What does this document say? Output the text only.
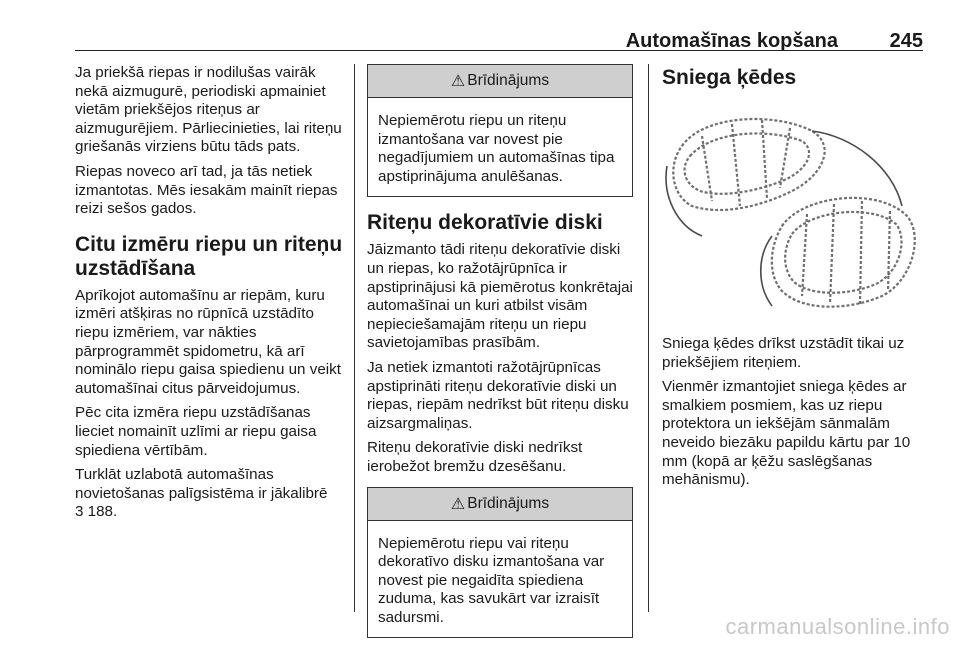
Automašīnas kopšana	245

Ja priekšā riepas ir nodilušas vairāk nekā aizmugurē, periodiski apmainiet vietām priekšējos riteņus ar aizmugurējiem. Pārliecinieties, lai riteņu griešanās virziens būtu tāds pats.

Riepas noveco arī tad, ja tās netiek izmantotas. Mēs iesakām mainīt riepas reizi sešos gados.

Citu izmēru riepu un riteņu uzstādīšana

Aprīkojot automašīnu ar riepām, kuru izmēri atšķiras no rūpnīcā uzstādīto riepu izmēriem, var nākties pārprogrammēt spidometru, kā arī nominālo riepu gaisa spiedienu un veikt automašīnai citus pārveidojumus.

Pēc cita izmēra riepu uzstādīšanas lieciet nomainīt uzlīmi ar riepu gaisa spiediena vērtībām.

Turklāt uzlabotā automašīnas novietošanas palīgsistēma ir jākalibrē
3 188.

⚠ Brīdinājums

Nepiemērotu riepu un riteņu izmantošana var novest pie negadījumiem un automašīnas tipa apstiprinājuma anulēšanas.

Riteņu dekoratīvie diski

Jāizmanto tādi riteņu dekoratīvie diski un riepas, ko ražotājrūpnīca ir apstiprinājusi kā piemērotus konkrētajai automašīnai un kuri atbilst visām nepieciešamajām riteņu un riepu savietojamības prasībām.

Ja netiek izmantoti ražotājrūpnīcas apstiprināti riteņu dekoratīvie diski un riepas, riepām nedrīkst būt riteņu disku aizsargmaliņas.

Riteņu dekoratīvie diski nedrīkst ierobežot bremžu dzesēšanu.

⚠ Brīdinājums

Nepiemērotu riepu vai riteņu dekoratīvo disku izmantošana var novest pie negaidīta spiediena zuduma, kas savukārt var izraisīt sadursmi.

Sniega ķēdes

Sniega ķēdes drīkst uzstādīt tikai uz priekšējiem riteņiem.

Vienmēr izmantojiet sniega ķēdes ar smalkiem posmiem, kas uz riepu protektora un iekšējām sānmalām neveido biezāku papildu kārtu par 10 mm (kopā ar ķēžu saslēgšanas mehānismu).

carmanualsonline.info
